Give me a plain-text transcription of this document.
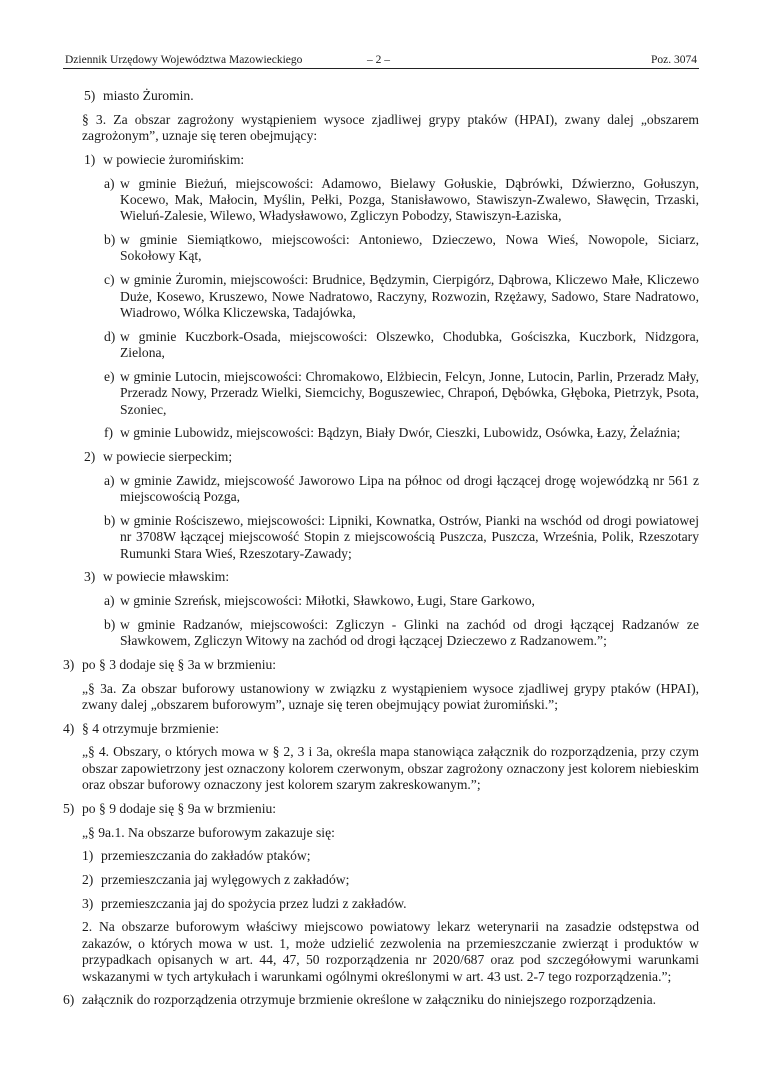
Dziennik Urzędowy Województwa Mazowieckiego	– 2 –	Poz. 3074
5) miasto Żuromin.

§ 3. Za obszar zagrożony wystąpieniem wysoce zjadliwej grypy ptaków (HPAI), zwany dalej „obszarem zagrożonym”, uznaje się teren obejmujący:

1) w powiecie żuromińskim:
a) w gminie Bieżuń, miejscowości: Adamowo, Bielawy Gołuskie, Dąbrówki, Dźwierzno, Gołuszyn, Kocewo, Mak, Małocin, Myślin, Pełki, Pozga, Stanisławowo, Stawiszyn-Zwalewo, Sławęcin, Trzaski, Wieluń-Zalesie, Wilewo, Władysławowo, Zgliczyn Pobodzy, Stawiszyn-Łaziska,
b) w gminie Siemiątkowo, miejscowości: Antoniewo, Dzieczewo, Nowa Wieś, Nowopole, Siciarz, Sokołowy Kąt,
c) w gminie Żuromin, miejscowości: Brudnice, Będzymin, Cierpigórz, Dąbrowa, Kliczewo Małe, Kliczewo Duże, Kosewo, Kruszewo, Nowe Nadratowo, Raczyny, Rozwozin, Rzężawy, Sadowo, Stare Nadratowo, Wiadrowo, Wólka Kliczewska, Tadajówka,
d) w gminie Kuczbork-Osada, miejscowości: Olszewko, Chodubka, Gościszka, Kuczbork, Nidzgora, Zielona,
e) w gminie Lutocin, miejscowości: Chromakowo, Elżbiecin, Felcyn, Jonne, Lutocin, Parlin, Przeradz Mały, Przeradz Nowy, Przeradz Wielki, Siemcichy, Boguszewiec, Chrapoń, Dębówka, Głęboka, Pietrzyk, Psota, Szoniec,
f) w gminie Lubowidz, miejscowości: Bądzyn, Biały Dwór, Cieszki, Lubowidz, Osówka, Łazy, Żelaźnia;
2) w powiecie sierpeckim;
a) w gminie Zawidz, miejscowość Jaworowo Lipa na północ od drogi łączącej drogę wojewódzką nr 561 z miejscowością Pozga,
b) w gminie Rościszewo, miejscowości: Lipniki, Kownatka, Ostrów, Pianki na wschód od drogi powiatowej nr 3708W łączącej miejscowość Stopin z miejscowością Puszcza, Puszcza, Września, Polik, Rzeszotary Rumunki Stara Wieś, Rzeszotary-Zawady;
3) w powiecie mławskim:
a) w gminie Szreńsk, miejscowości: Miłotki, Sławkowo, Ługi, Stare Garkowo,
b) w gminie Radzanów, miejscowości: Zgliczyn - Glinki na zachód od drogi łączącej Radzanów ze Sławkowem, Zgliczyn Witowy na zachód od drogi łączącej Dzieczewo z Radzanowem.”;
3) po § 3 dodaje się § 3a w brzmieniu:

„§ 3a. Za obszar buforowy ustanowiony w związku z wystąpieniem wysoce zjadliwej grypy ptaków (HPAI), zwany dalej „obszarem buforowym”, uznaje się teren obejmujący powiat żuromiński.”;

4) § 4 otrzymuje brzmienie:

„§ 4. Obszary, o których mowa w § 2, 3 i 3a, określa mapa stanowiąca załącznik do rozporządzenia, przy czym obszar zapowietrzony jest oznaczony kolorem czerwonym, obszar zagrożony oznaczony jest kolorem niebieskim oraz obszar buforowy oznaczony jest kolorem szarym zakreskowanym.”;

5) po § 9 dodaje się § 9a w brzmieniu:

„§ 9a.1. Na obszarze buforowym zakazuje się:

1) przemieszczania do zakładów ptaków;
2) przemieszczania jaj wylęgowych z zakładów;
3) przemieszczania jaj do spożycia przez ludzi z zakładów.

2. Na obszarze buforowym właściwy miejscowo powiatowy lekarz weterynarii na zasadzie odstępstwa od zakazów, o których mowa w ust. 1, może udzielić zezwolenia na przemieszczanie zwierząt i produktów w przypadkach opisanych w art. 44, 47, 50 rozporządzenia nr 2020/687 oraz pod szczegółowymi warunkami wskazanymi w tych artykułach i warunkami ogólnymi określonymi w art. 43 ust. 2-7 tego rozporządzenia.”;

6) załącznik do rozporządzenia otrzymuje brzmienie określone w załączniku do niniejszego rozporządzenia.
